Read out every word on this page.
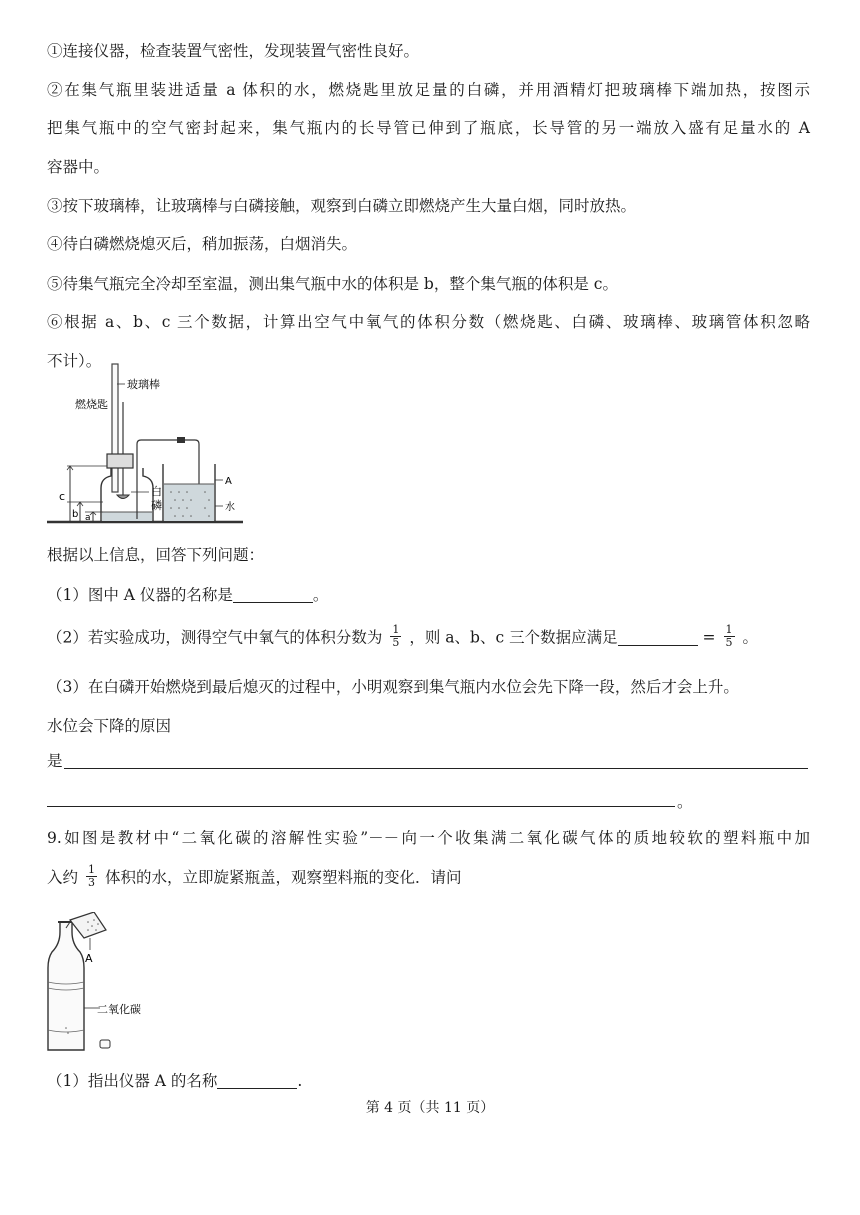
①连接仪器，检查装置气密性，发现装置气密性良好。
②在集气瓶里装进适量 a 体积的水，燃烧匙里放足量的白磷，并用酒精灯把玻璃棒下端加热，按图示
把集气瓶中的空气密封起来，集气瓶内的长导管已伸到了瓶底，长导管的另一端放入盛有足量水的 A
容器中。
③按下玻璃棒，让玻璃棒与白磷接触，观察到白磷立即燃烧产生大量白烟，同时放热。
④待白磷燃烧熄灭后，稍加振荡，白烟消失。
⑤待集气瓶完全冷却至室温，测出集气瓶中水的体积是 b，整个集气瓶的体积是 c。
⑥根据 a、b、c 三个数据，计算出空气中氧气的体积分数（燃烧匙、白磷、玻璃棒、玻璃管体积忽略
不计）。
玻璃棒
燃烧匙
白
磷
A
水
c
b a
根据以上信息，回答下列问题：
（1）图中 A 仪器的名称是	。
（2）若实验成功，测得空气中氧气的体积分数为 $\frac{1}{5}$ ，则 a、b、c 三个数据应满足	= $\frac{1}{5}$ 。
（3）在白磷开始燃烧到最后熄灭的过程中，小明观察到集气瓶内水位会先下降一段，然后才会上升。
水位会下降的原因
是
。
9.如图是教材中“二氧化碳的溶解性实验”－－向一个收集满二氧化碳气体的质地较软的塑料瓶中加
入约 $\frac{1}{3}$ 体积的水，立即旋紧瓶盖，观察塑料瓶的变化．请问
A
二氧化碳
（1）指出仪器 A 的名称	.
第 4 页（共 11 页）
